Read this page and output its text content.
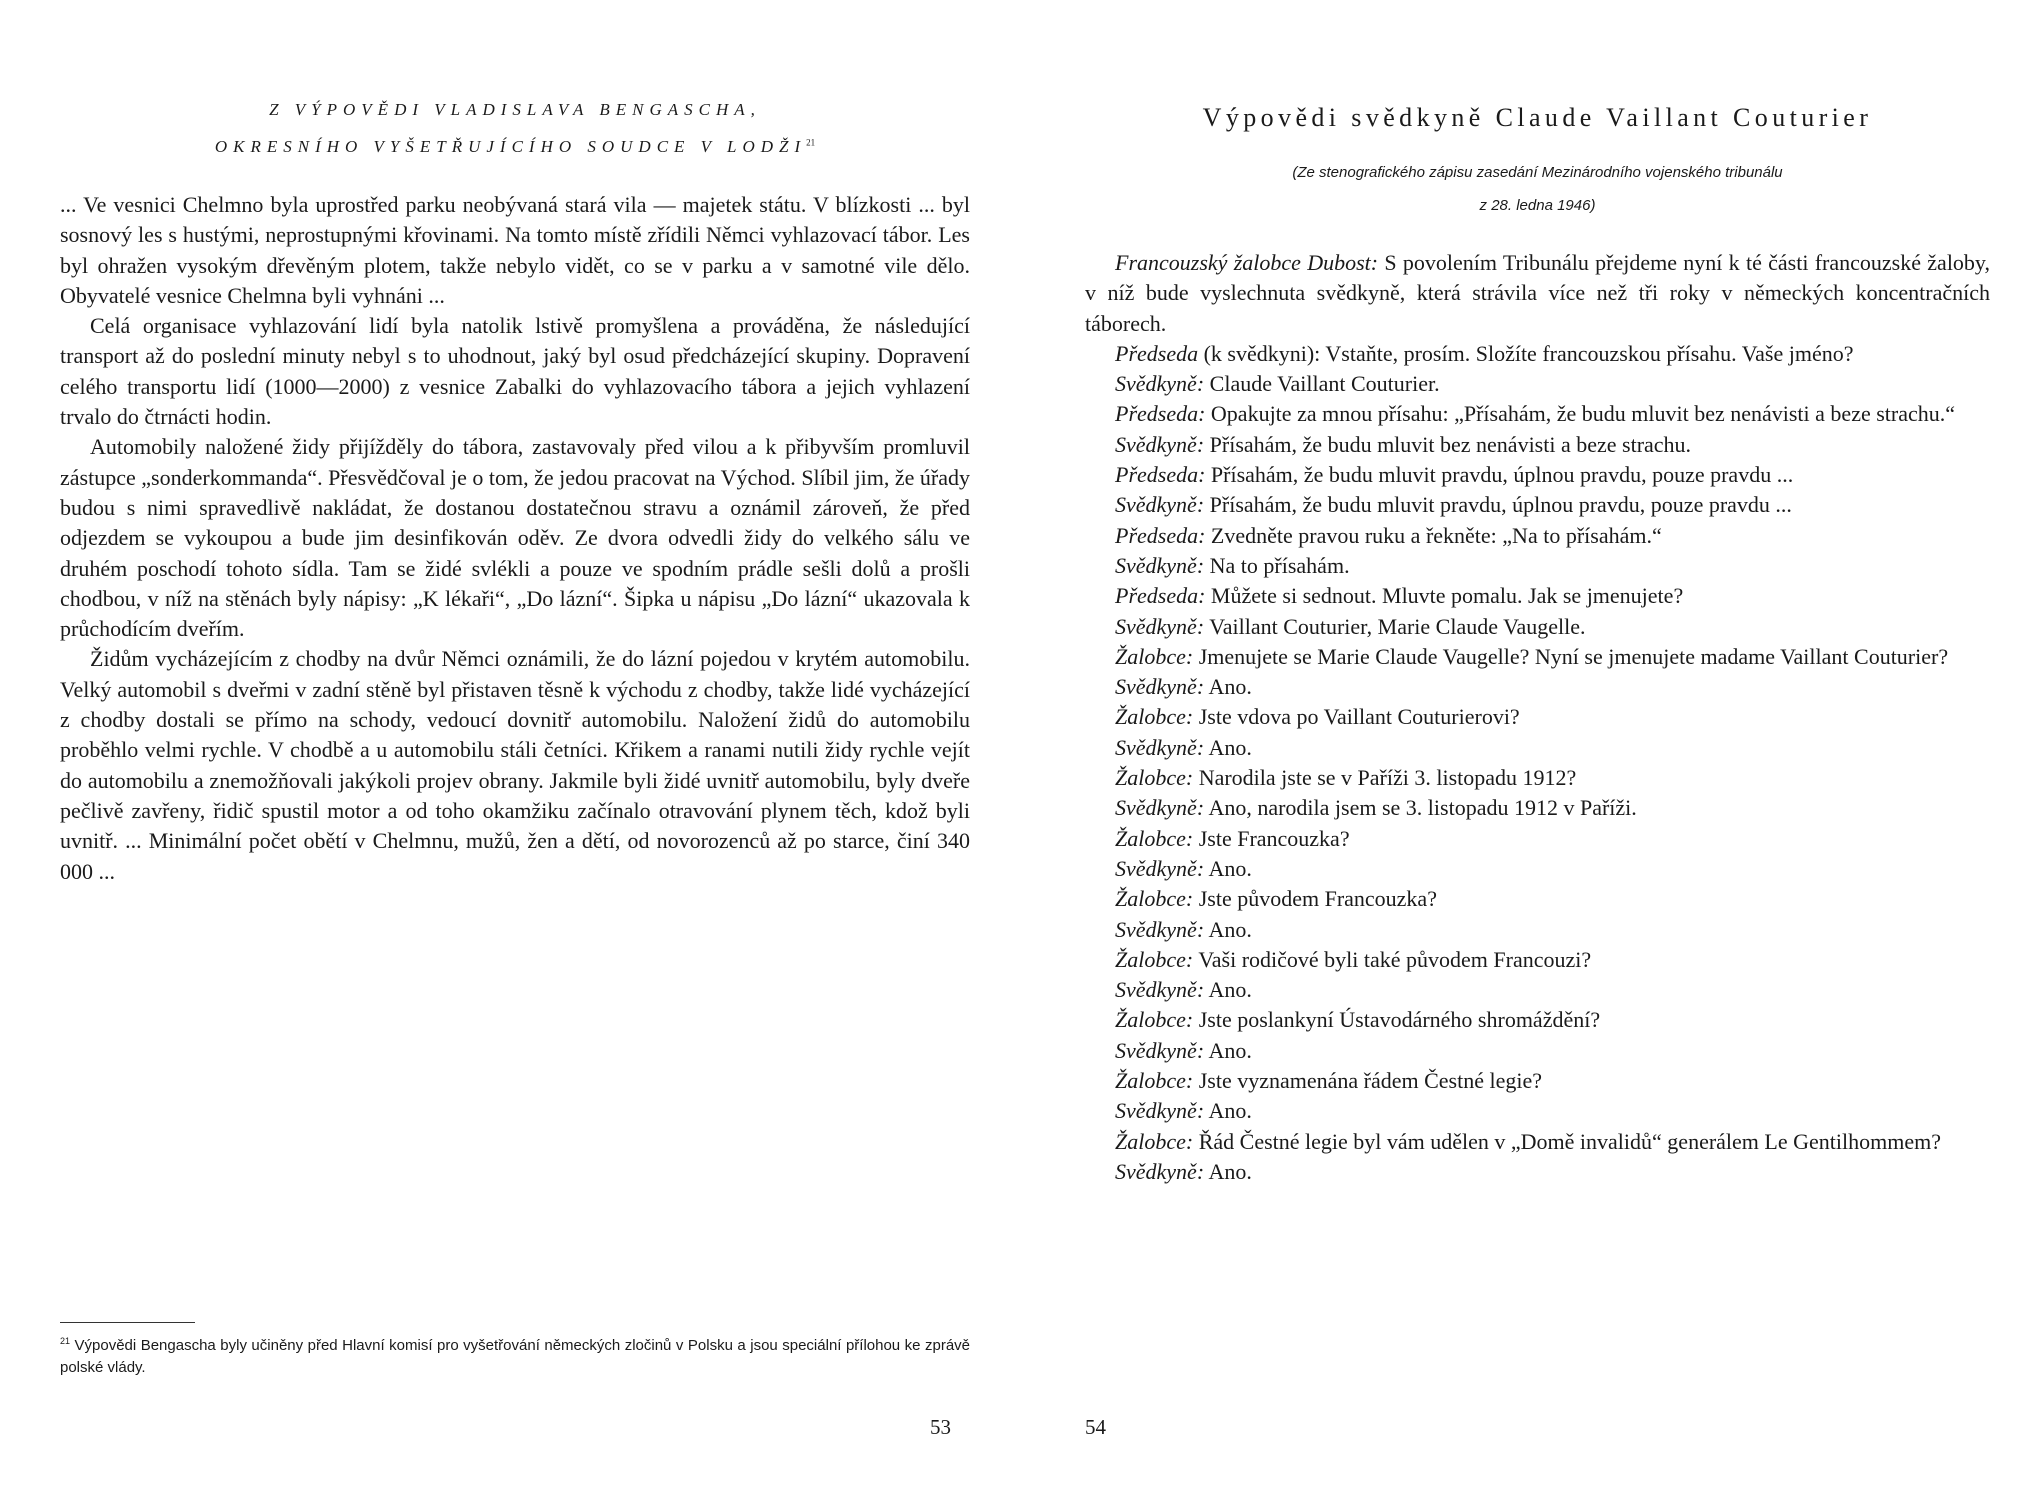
Z VÝPOVĚDI VLADISLAVA BENGASCHA,
OKRESNÍHO VYŠETŘUJÍCÍHO SOUDCE V LODŽI$^{21}$

... Ve vesnici Chelmno byla uprostřed parku neobývaná stará vila — majetek státu. V blízkosti ... byl sosnový les s hustými, neprostupnými křovinami. Na tomto místě zřídili Němci vyhlazovací tábor. Les byl ohražen vysokým dřevěným plotem, takže nebylo vidět, co se v parku a v samotné vile dělo. Obyvatelé vesnice Chelmna byli vyhnáni ...

Celá organisace vyhlazování lidí byla natolik lstivě promyšlena a prováděna, že následující transport až do poslední minuty nebyl s to uhodnout, jaký byl osud předcházející skupiny. Dopravení celého transportu lidí (1000—2000) z vesnice Zabalki do vyhlazovacího tábora a jejich vyhlazení trvalo do čtrnácti hodin.

Automobily naložené židy přijížděly do tábora, zastavovaly před vilou a k přibyvším promluvil zástupce „sonderkommanda“. Přesvědčoval je o tom, že jedou pracovat na Východ. Slíbil jim, že úřady budou s nimi spravedlivě nakládat, že dostanou dostatečnou stravu a oznámil zároveň, že před odjezdem se vykoupou a bude jim desinfikován oděv. Ze dvora odvedli židy do velkého sálu ve druhém poschodí tohoto sídla. Tam se židé svlékli a pouze ve spodním prádle sešli dolů a prošli chodbou, v níž na stěnách byly nápisy: „K lékaři“, „Do lázní“. Šipka u nápisu „Do lázní“ ukazovala k průchodícím dveřím.

Židům vycházejícím z chodby na dvůr Němci oznámili, že do lázní pojedou v krytém automobilu. Velký automobil s dveřmi v zadní stěně byl přistaven těsně k východu z chodby, takže lidé vycházející z chodby dostali se přímo na schody, vedoucí dovnitř automobilu. Naložení židů do automobilu proběhlo velmi rychle. V chodbě a u automobilu stáli četníci. Křikem a ranami nutili židy rychle vejít do automobilu a znemožňovali jakýkoli projev obrany. Jakmile byli židé uvnitř automobilu, byly dveře pečlivě zavřeny, řidič spustil motor a od toho okamžiku začínalo otravování plynem těch, kdož byli uvnitř. ... Minimální počet obětí v Chelmnu, mužů, žen a dětí, od novorozenců až po starce, činí 340 000 ...

$^{21}$ Výpovědi Bengascha byly učiněny před Hlavní komisí pro vyšetřování německých zločinů v Polsku a jsou speciální přílohou ke zprávě polské vlády.
53
Výpovědi svědkyně Claude Vaillant Couturier
(Ze stenografického zápisu zasedání Mezinárodního vojenského tribunálu
z 28. ledna 1946)

Francouzský žalobce Dubost: S povolením Tribunálu přejdeme nyní k té části francouzské žaloby, v níž bude vyslechnuta svědkyně, která strávila více než tři roky v německých koncentračních táborech.

Předseda (k svědkyni): Vstaňte, prosím. Složíte francouzskou přísahu. Vaše jméno?

Svědkyně: Claude Vaillant Couturier.

Předseda: Opakujte za mnou přísahu: „Přísahám, že budu mluvit bez nenávisti a beze strachu.“

Svědkyně: Přísahám, že budu mluvit bez nenávisti a beze strachu.

Předseda: Přísahám, že budu mluvit pravdu, úplnou pravdu, pouze pravdu ...

Svědkyně: Přísahám, že budu mluvit pravdu, úplnou pravdu, pouze pravdu ...

Předseda: Zvedněte pravou ruku a řekněte: „Na to přísahám.“

Svědkyně: Na to přísahám.

Předseda: Můžete si sednout. Mluvte pomalu. Jak se jmenujete?

Svědkyně: Vaillant Couturier, Marie Claude Vaugelle.

Žalobce: Jmenujete se Marie Claude Vaugelle? Nyní se jmenujete madame Vaillant Couturier?

Svědkyně: Ano.

Žalobce: Jste vdova po Vaillant Couturierovi?

Svědkyně: Ano.

Žalobce: Narodila jste se v Paříži 3. listopadu 1912?

Svědkyně: Ano, narodila jsem se 3. listopadu 1912 v Paříži.

Žalobce: Jste Francouzka?

Svědkyně: Ano.

Žalobce: Jste původem Francouzka?

Svědkyně: Ano.

Žalobce: Vaši rodičové byli také původem Francouzi?

Svědkyně: Ano.

Žalobce: Jste poslankyní Ústavodárného shromáždění?

Svědkyně: Ano.

Žalobce: Jste vyznamenána řádem Čestné legie?

Svědkyně: Ano.

Žalobce: Řád Čestné legie byl vám udělen v „Domě invalidů“ generálem Le Gentilhommem?

Svědkyně: Ano.

54
